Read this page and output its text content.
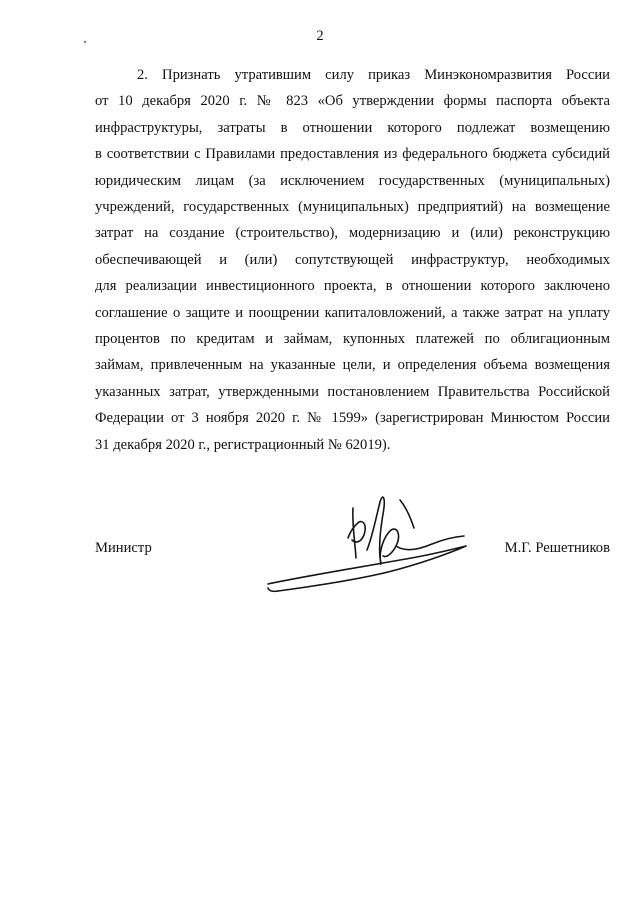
2
2. Признать утратившим силу приказ Минэкономразвития России
от 10 декабря 2020 г. № 823 «Об утверждении формы паспорта объекта
инфраструктуры, затраты в отношении которого подлежат возмещению
в соответствии с Правилами предоставления из федерального бюджета субсидий
юридическим лицам (за исключением государственных (муниципальных)
учреждений, государственных (муниципальных) предприятий) на возмещение
затрат на создание (строительство), модернизацию и (или) реконструкцию
обеспечивающей и (или) сопутствующей инфраструктур, необходимых
для реализации инвестиционного проекта, в отношении которого заключено
соглашение о защите и поощрении капиталовложений, а также затрат на уплату
процентов по кредитам и займам, купонных платежей по облигационным
займам, привлеченным на указанные цели, и определения объема возмещения
указанных затрат, утвержденными постановлением Правительства Российской
Федерации от 3 ноября 2020 г. № 1599» (зарегистрирован Минюстом России
31 декабря 2020 г., регистрационный № 62019).
Министр	М.Г. Решетников
